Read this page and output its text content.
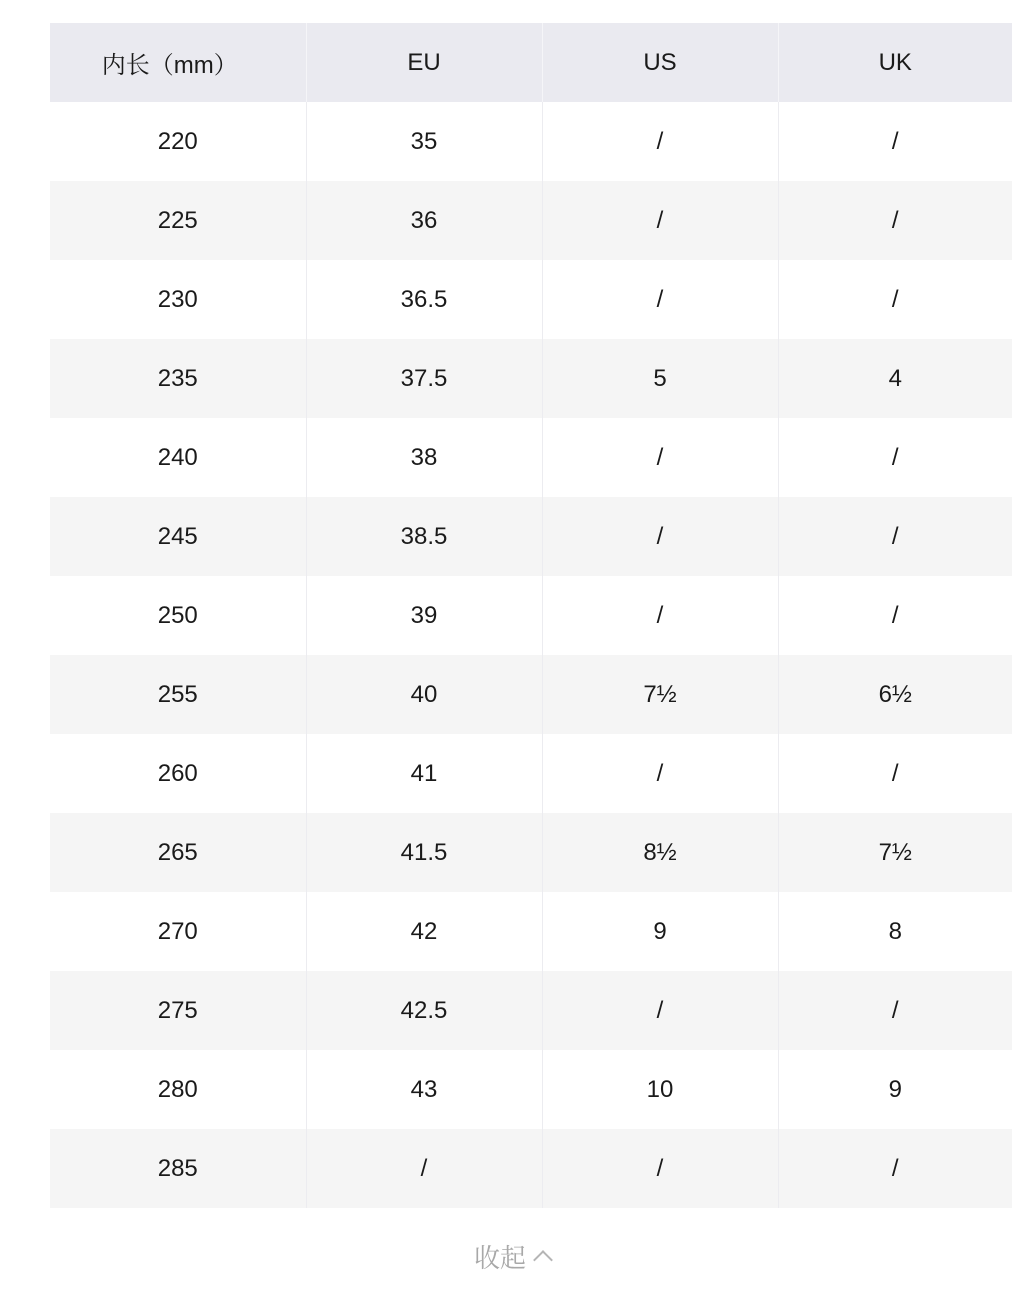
内长（mm）	EU	US	UK
220	35	/	/
225	36	/	/
230	36.5	/	/
235	37.5	5	4
240	38	/	/
245	38.5	/	/
250	39	/	/
255	40	7½	6½
260	41	/	/
265	41.5	8½	7½
270	42	9	8
275	42.5	/	/
280	43	10	9
285	/	/	/
收起
